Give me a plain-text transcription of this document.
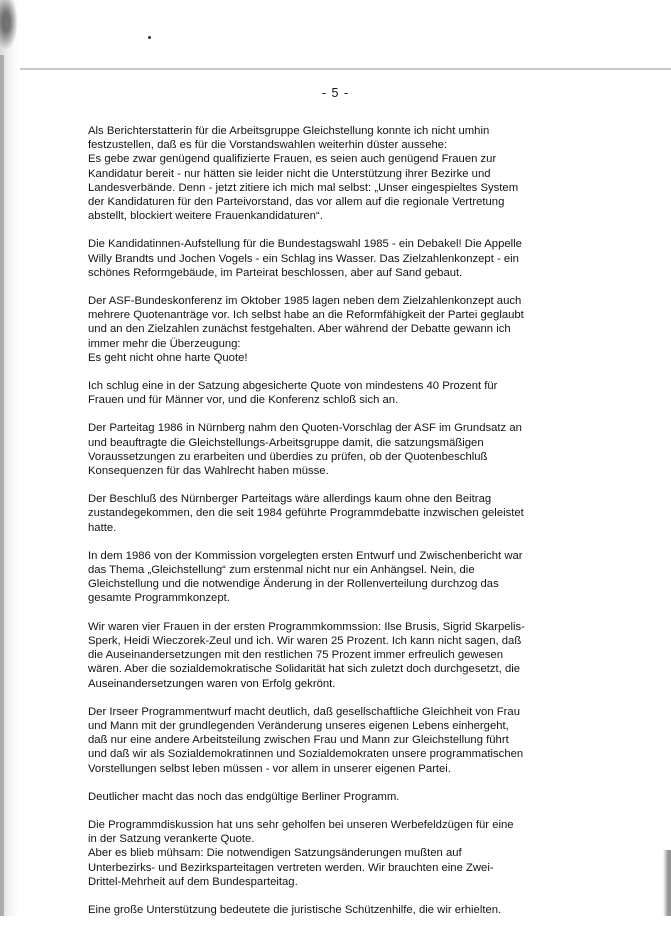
- 5 -
Als Berichterstatterin für die Arbeitsgruppe Gleichstellung konnte ich nicht umhin
festzustellen, daß es für die Vorstandswahlen weiterhin düster aussehe:
Es gebe zwar genügend qualifizierte Frauen, es seien auch genügend Frauen zur
Kandidatur bereit - nur hätten sie leider nicht die Unterstützung ihrer Bezirke und
Landesverbände. Denn - jetzt zitiere ich mich mal selbst: „Unser eingespieltes System
der Kandidaturen für den Parteivorstand, das vor allem auf die regionale Vertretung
abstellt, blockiert weitere Frauenkandidaturen“.
Die Kandidatinnen-Aufstellung für die Bundestagswahl 1985 - ein Debakel! Die Appelle
Willy Brandts und Jochen Vogels - ein Schlag ins Wasser. Das Zielzahlenkonzept - ein
schönes Reformgebäude, im Parteirat beschlossen, aber auf Sand gebaut.
Der ASF-Bundeskonferenz im Oktober 1985 lagen neben dem Zielzahlenkonzept auch
mehrere Quotenanträge vor. Ich selbst habe an die Reformfähigkeit der Partei geglaubt
und an den Zielzahlen zunächst festgehalten. Aber während der Debatte gewann ich
immer mehr die Überzeugung:
Es geht nicht ohne harte Quote!
Ich schlug eine in der Satzung abgesicherte Quote von mindestens 40 Prozent für
Frauen und für Männer vor, und die Konferenz schloß sich an.
Der Parteitag 1986 in Nürnberg nahm den Quoten-Vorschlag der ASF im Grundsatz an
und beauftragte die Gleichstellungs-Arbeitsgruppe damit, die satzungsmäßigen
Voraussetzungen zu erarbeiten und überdies zu prüfen, ob der Quotenbeschluß
Konsequenzen für das Wahlrecht haben müsse.
Der Beschluß des Nürnberger Parteitags wäre allerdings kaum ohne den Beitrag
zustandegekommen, den die seit 1984 geführte Programmdebatte inzwischen geleistet
hatte.
In dem 1986 von der Kommission vorgelegten ersten Entwurf und Zwischenbericht war
das Thema „Gleichstellung“ zum erstenmal nicht nur ein Anhängsel. Nein, die
Gleichstellung und die notwendige Änderung in der Rollenverteilung durchzog das
gesamte Programmkonzept.
Wir waren vier Frauen in der ersten Programmkommssion: Ilse Brusis, Sigrid Skarpelis-
Sperk, Heidi Wieczorek-Zeul und ich. Wir waren 25 Prozent. Ich kann nicht sagen, daß
die Auseinandersetzungen mit den restlichen 75 Prozent immer erfreulich gewesen
wären. Aber die sozialdemokratische Solidarität hat sich zuletzt doch durchgesetzt, die
Auseinandersetzungen waren von Erfolg gekrönt.
Der Irseer Programmentwurf macht deutlich, daß gesellschaftliche Gleichheit von Frau
und Mann mit der grundlegenden Veränderung unseres eigenen Lebens einhergeht,
daß nur eine andere Arbeitsteilung zwischen Frau und Mann zur Gleichstellung führt
und daß wir als Sozialdemokratinnen und Sozialdemokraten unsere programmatischen
Vorstellungen selbst leben müssen - vor allem in unserer eigenen Partei.
Deutlicher macht das noch das endgültige Berliner Programm.
Die Programmdiskussion hat uns sehr geholfen bei unseren Werbefeldzügen für eine
in der Satzung verankerte Quote.
Aber es blieb mühsam: Die notwendigen Satzungsänderungen mußten auf
Unterbezirks- und Bezirksparteitagen vertreten werden. Wir brauchten eine Zwei-
Drittel-Mehrheit auf dem Bundesparteitag.
Eine große Unterstützung bedeutete die juristische Schützenhilfe, die wir erhielten.
